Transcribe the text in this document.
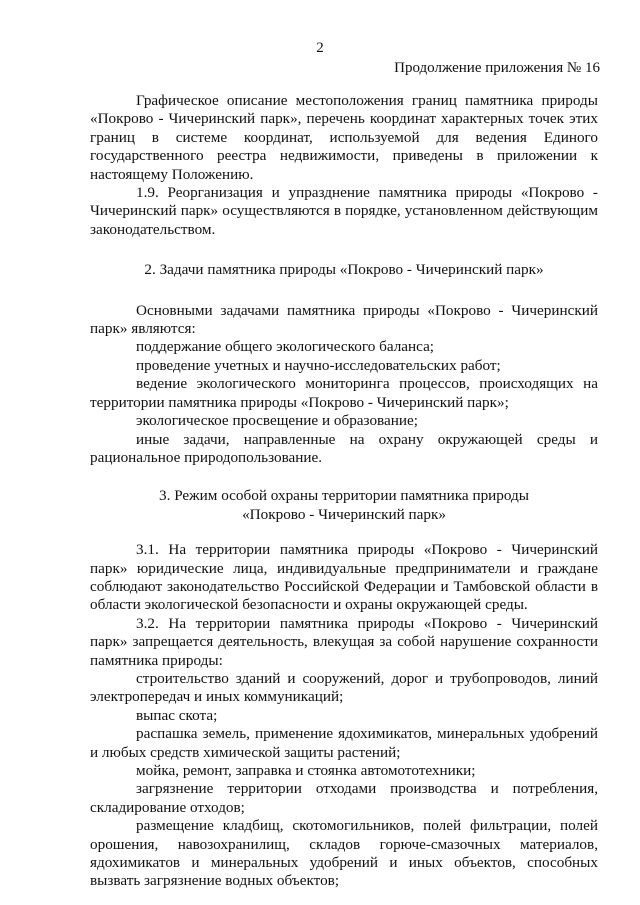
2
Продолжение приложения № 16

Графическое описание местоположения границ памятника природы «Покрово - Чичеринский парк», перечень координат характерных точек этих границ в системе координат, используемой для ведения Единого государственного реестра недвижимости, приведены в приложении к настоящему Положению.

1.9. Реорганизация и упразднение памятника природы «Покрово - Чичеринский парк» осуществляются в порядке, установленном действующим законодательством.

2. Задачи памятника природы «Покрово - Чичеринский парк»

Основными задачами памятника природы «Покрово - Чичеринский парк» являются:

поддержание общего экологического баланса;

проведение учетных и научно-исследовательских работ;

ведение экологического мониторинга процессов, происходящих на территории памятника природы «Покрово - Чичеринский парк»;

экологическое просвещение и образование;

иные задачи, направленные на охрану окружающей среды и рациональное природопользование.

3. Режим особой охраны территории памятника природы

«Покрово - Чичеринский парк»

3.1. На территории памятника природы «Покрово - Чичеринский парк» юридические лица, индивидуальные предприниматели и граждане соблюдают законодательство Российской Федерации и Тамбовской области в области экологической безопасности и охраны окружающей среды.

3.2. На территории памятника природы «Покрово - Чичеринский парк» запрещается деятельность, влекущая за собой нарушение сохранности памятника природы:

строительство зданий и сооружений, дорог и трубопроводов, линий электропередач и иных коммуникаций;

выпас скота;

распашка земель, применение ядохимикатов, минеральных удобрений и любых средств химической защиты растений;

мойка, ремонт, заправка и стоянка автомототехники;

загрязнение территории отходами производства и потребления, складирование отходов;

размещение кладбищ, скотомогильников, полей фильтрации, полей орошения, навозохранилищ, складов горюче-смазочных материалов, ядохимикатов и минеральных удобрений и иных объектов, способных вызвать загрязнение водных объектов;
